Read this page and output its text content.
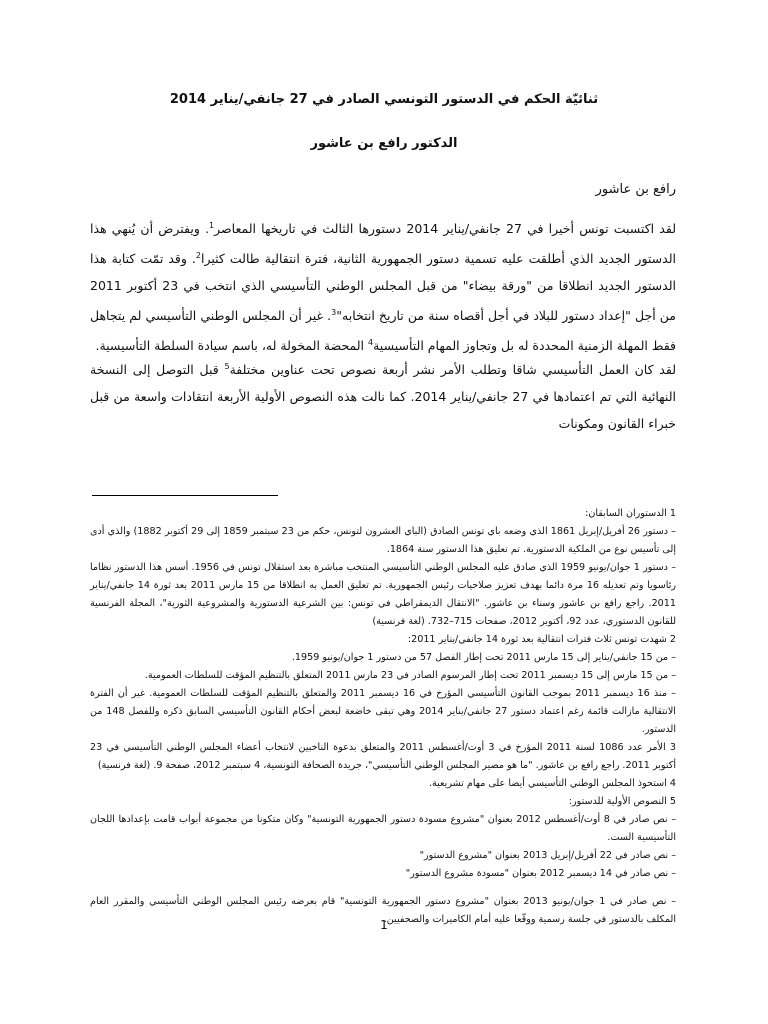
ثنائيّة الحكم في الدستور التونسي الصادر في 27 جانفي/يناير 2014
الدكتور رافع بن عاشور
رافع بن عاشور
لقد اكتسبت تونس أخيرا في 27 جانفي/يناير 2014 دستورها الثالث في تاريخها المعاصر$^1$. ويفترض أن يُنهي هذا الدستور الجديد الذي أطلقت عليه تسمية دستور الجمهورية الثانية، فترة انتقالية طالت كثيرا$^2$. وقد تمّت كتابة هذا الدستور الجديد انطلاقا من "ورقة بيضاء" من قبل المجلس الوطني التأسيسي الذي انتخب في 23 أكتوبر 2011 من أجل "إعداد دستور للبلاد في أجل أقصاه سنة من تاريخ انتخابه"$^3$. غير أن المجلس الوطني التأسيسي لم يتجاهل فقط المهلة الزمنية المحددة له بل وتجاوز المهام التأسيسية$^4$ المحضة المخولة له، باسم سيادة السلطة التأسيسية.
لقد كان العمل التأسيسي شاقا وتطلب الأمر نشر أربعة نصوص تحت عناوين مختلفة$^5$ قبل التوصل إلى النسخة النهائية التي تم اعتمادها في 27 جانفي/يناير 2014. كما نالت هذه النصوص الأولية الأربعة انتقادات واسعة من قبل خبراء القانون ومكونات

1 الدستوران السابقان:

– دستور 26 أفريل/إبريل 1861 الذي وضعه باي تونس الصادق (الباي العشرون لتونس، حكم من 23 سبتمبر 1859 إلى 29 أكتوبر 1882) والذي أدى إلى تأسيس نوع من الملكية الدستورية. تم تعليق هذا الدستور سنة 1864.

– دستور 1 جوان/يونيو 1959 الذي صادق عليه المجلس الوطني التأسيسي المنتخب مباشرة بعد استقلال تونس في 1956. أسس هذا الدستور نظاما رئاسويا وتم تعديله 16 مرة دائما بهدف تعزيز صلاحيات رئيس الجمهورية. تم تعليق العمل به انطلاقا من 15 مارس 2011 بعد ثورة 14 جانفي/يناير 2011. راجع رافع بن عاشور وسناء بن عاشور. "الانتقال الديمقراطي في تونس: بين الشرعية الدستورية والمشروعية الثورية"، المجلة الفرنسية للقانون الدستوري، عدد 92، أكتوبر 2012، صفحات 715–732. (لغة فرنسية)

2 شهدت تونس ثلاث فترات انتقالية بعد ثورة 14 جانفي/يناير 2011:

– من 15 جانفي/يناير إلى 15 مارس 2011 تحت إطار الفصل 57 من دستور 1 جوان/يونيو 1959.

– من 15 مارس إلى 15 ديسمبر 2011 تحت إطار المرسوم الصادر في 23 مارس 2011 المتعلق بالتنظيم المؤقت للسلطات العمومية.

– منذ 16 ديسمبر 2011 بموجب القانون التأسيسي المؤرخ في 16 ديسمبر 2011 والمتعلق بالتنظيم المؤقت للسلطات العمومية. غير أن الفترة الانتقالية مازالت قائمة رغم اعتماد دستور 27 جانفي/يناير 2014 وهي تبقى خاضعة لبعض أحكام القانون التأسيسي السابق ذكره وللفصل 148 من الدستور.

3 الأمر عدد 1086 لسنة 2011 المؤرخ في 3 أوت/أغسطس 2011 والمتعلق بدعوة الناخبين لانتخاب أعضاء المجلس الوطني التأسيسي في 23 أكتوبر 2011. راجع رافع بن عاشور. "ما هو مصير المجلس الوطني التأسيسي"، جريدة الصحافة التونسية، 4 سبتمبر 2012، صفحة 9. (لغة فرنسية)

4 استحوذ المجلس الوطني التأسيسي أيضا على مهام تشريعية.

5 النصوص الأولية للدستور:

– نص صادر في 8 أوت/أغسطس 2012 بعنوان "مشروع مسودة دستور الجمهورية التونسية" وكان متكونا من مجموعة أبواب قامت بإعدادها اللجان التأسيسية الست.

– نص صادر في 22 أفريل/إبريل 2013 بعنوان "مشروع الدستور"

– نص صادر في 14 ديسمبر 2012 بعنوان "مسودة مشروع الدستور"

– نص صادر في 1 جوان/يونيو 2013 بعنوان "مشروع دستور الجمهورية التونسية" قام بعرضه رئيس المجلس الوطني التأسيسي والمقرر العام المكلف بالدستور في جلسة رسمية ووقّعا عليه أمام الكاميرات والصحفيين.

1
